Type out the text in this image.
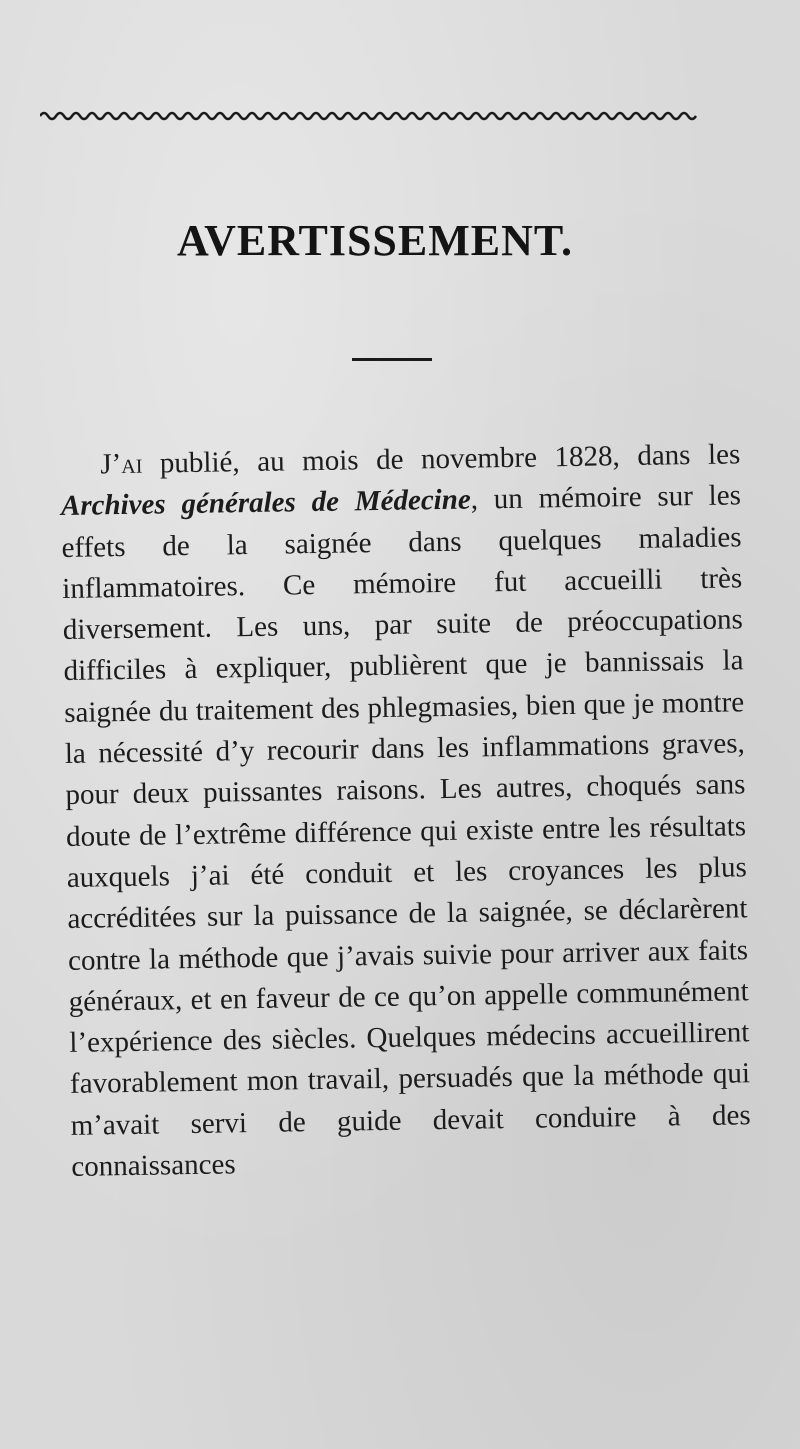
AVERTISSEMENT.

J’ai publié, au mois de novembre 1828, dans les Archives générales de Médecine, un mémoire sur les effets de la saignée dans quelques maladies inflammatoires. Ce mémoire fut accueilli très diversement. Les uns, par suite de préoccupations difficiles à expliquer, publièrent que je bannissais la saignée du traitement des phlegmasies, bien que je montre la nécessité d’y recourir dans les inflammations graves, pour deux puissantes raisons. Les autres, choqués sans doute de l’extrême différence qui existe entre les résultats auxquels j’ai été conduit et les croyances les plus accréditées sur la puissance de la saignée, se déclarèrent contre la méthode que j’avais suivie pour arriver aux faits généraux, et en faveur de ce qu’on appelle communément l’expérience des siècles. Quelques médecins accueillirent favorablement mon travail, persuadés que la méthode qui m’avait servi de guide devait conduire à des connaissances
